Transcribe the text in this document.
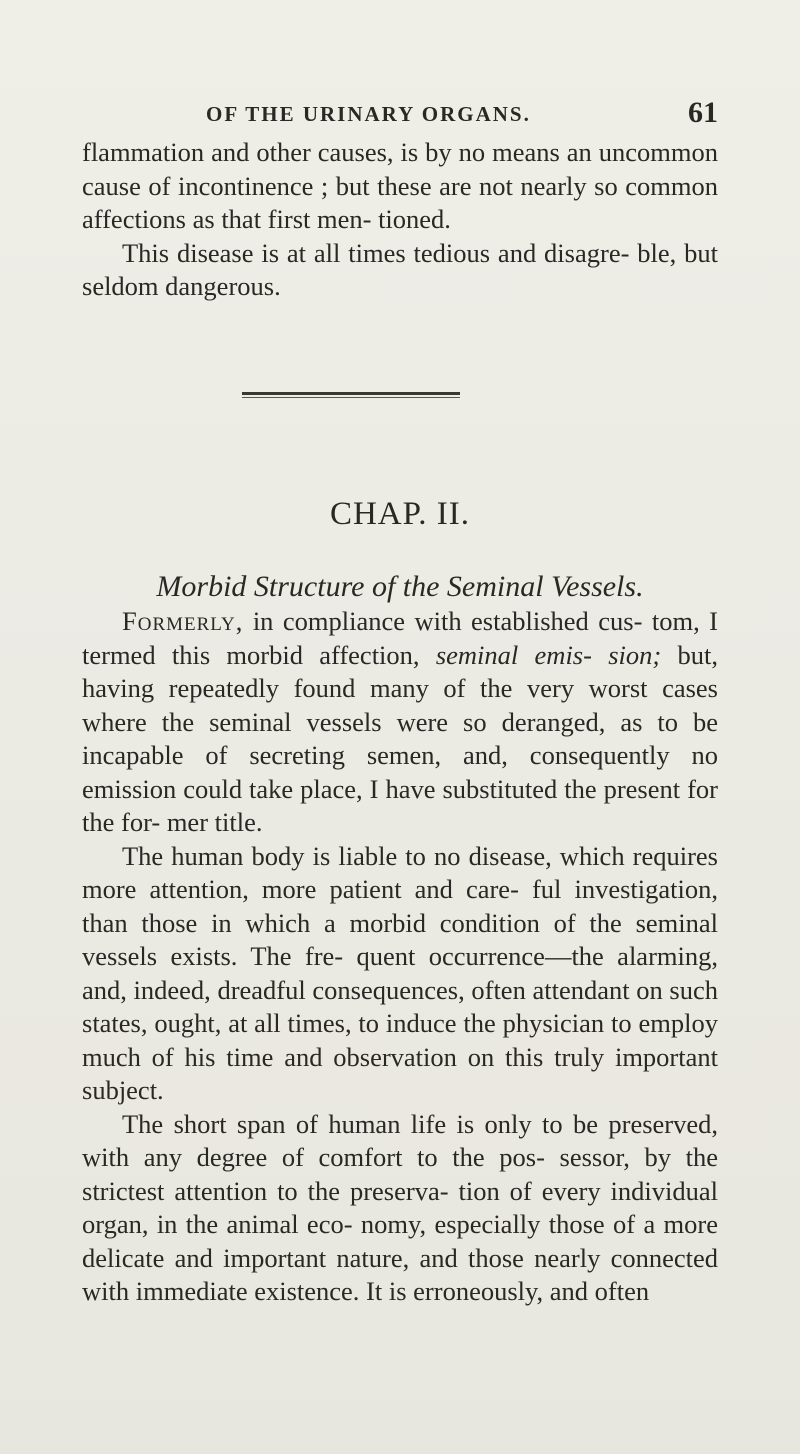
OF THE URINARY ORGANS.	61

flammation and other causes, is by no means an uncommon cause of incontinence ; but these are not nearly so common affections as that first men- tioned.

This disease is at all times tedious and disagre- ble, but seldom dangerous.

CHAP. II.
Morbid Structure of the Seminal Vessels.

Formerly, in compliance with established cus- tom, I termed this morbid affection, seminal emis- sion; but, having repeatedly found many of the very worst cases where the seminal vessels were so deranged, as to be incapable of secreting semen, and, consequently no emission could take place, I have substituted the present for the for- mer title.

The human body is liable to no disease, which requires more attention, more patient and care- ful investigation, than those in which a morbid condition of the seminal vessels exists. The fre- quent occurrence—the alarming, and, indeed, dreadful consequences, often attendant on such states, ought, at all times, to induce the physician to employ much of his time and observation on this truly important subject.

The short span of human life is only to be preserved, with any degree of comfort to the pos- sessor, by the strictest attention to the preserva- tion of every individual organ, in the animal eco- nomy, especially those of a more delicate and important nature, and those nearly connected with immediate existence. It is erroneously, and often
